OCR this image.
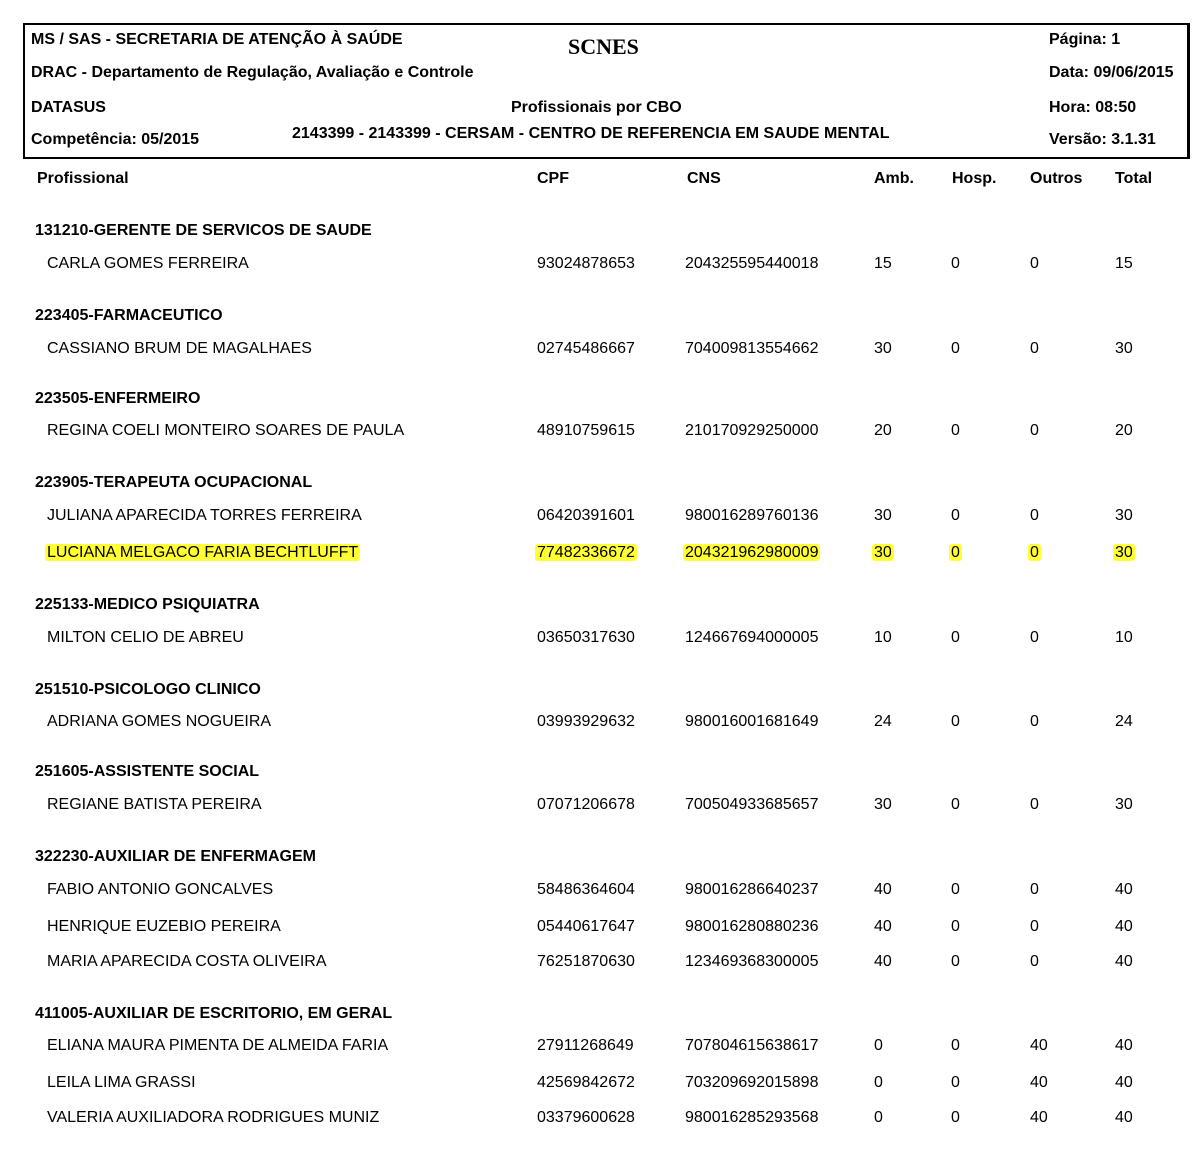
MS / SAS - SECRETARIA DE ATENÇÃO À SAÚDE	SCNES	Página: 1
DRAC - Departamento de Regulação, Avaliação e Controle	Data: 09/06/2015
DATASUS	Profissionais por CBO	Hora: 08:50
Competência: 05/2015	2143399 - 2143399 - CERSAM - CENTRO DE REFERENCIA EM SAUDE MENTAL	Versão: 3.1.31
Profissional	CPF	CNS	Amb. Hosp. Outros Total
131210-GERENTE DE SERVICOS DE SAUDE
CARLA GOMES FERREIRA	93024878653	204325595440018	15	0	0	15
223405-FARMACEUTICO
CASSIANO BRUM DE MAGALHAES	02745486667	704009813554662	30	0	0	30
223505-ENFERMEIRO
REGINA COELI MONTEIRO SOARES DE PAULA	48910759615	210170929250000	20	0	0	20
223905-TERAPEUTA OCUPACIONAL
JULIANA APARECIDA TORRES FERREIRA	06420391601	980016289760136	30	0	0	30
LUCIANA MELGACO FARIA BECHTLUFFT	77482336672	204321962980009	30	0	0	30
225133-MEDICO PSIQUIATRA
MILTON CELIO DE ABREU	03650317630	124667694000005	10	0	0	10
251510-PSICOLOGO CLINICO
ADRIANA GOMES NOGUEIRA	03993929632	980016001681649	24	0	0	24
251605-ASSISTENTE SOCIAL
REGIANE BATISTA PEREIRA	07071206678	700504933685657	30	0	0	30
322230-AUXILIAR DE ENFERMAGEM
FABIO ANTONIO GONCALVES	58486364604	980016286640237	40	0	0	40
HENRIQUE EUZEBIO PEREIRA	05440617647	980016280880236	40	0	0	40
MARIA APARECIDA COSTA OLIVEIRA	76251870630	123469368300005	40	0	0	40
411005-AUXILIAR DE ESCRITORIO, EM GERAL
ELIANA MAURA PIMENTA DE ALMEIDA FARIA	27911268649	707804615638617	0	0	40	40
LEILA LIMA GRASSI	42569842672	703209692015898	0	0	40	40
VALERIA AUXILIADORA RODRIGUES MUNIZ	03379600628	980016285293568	0	0	40	40
